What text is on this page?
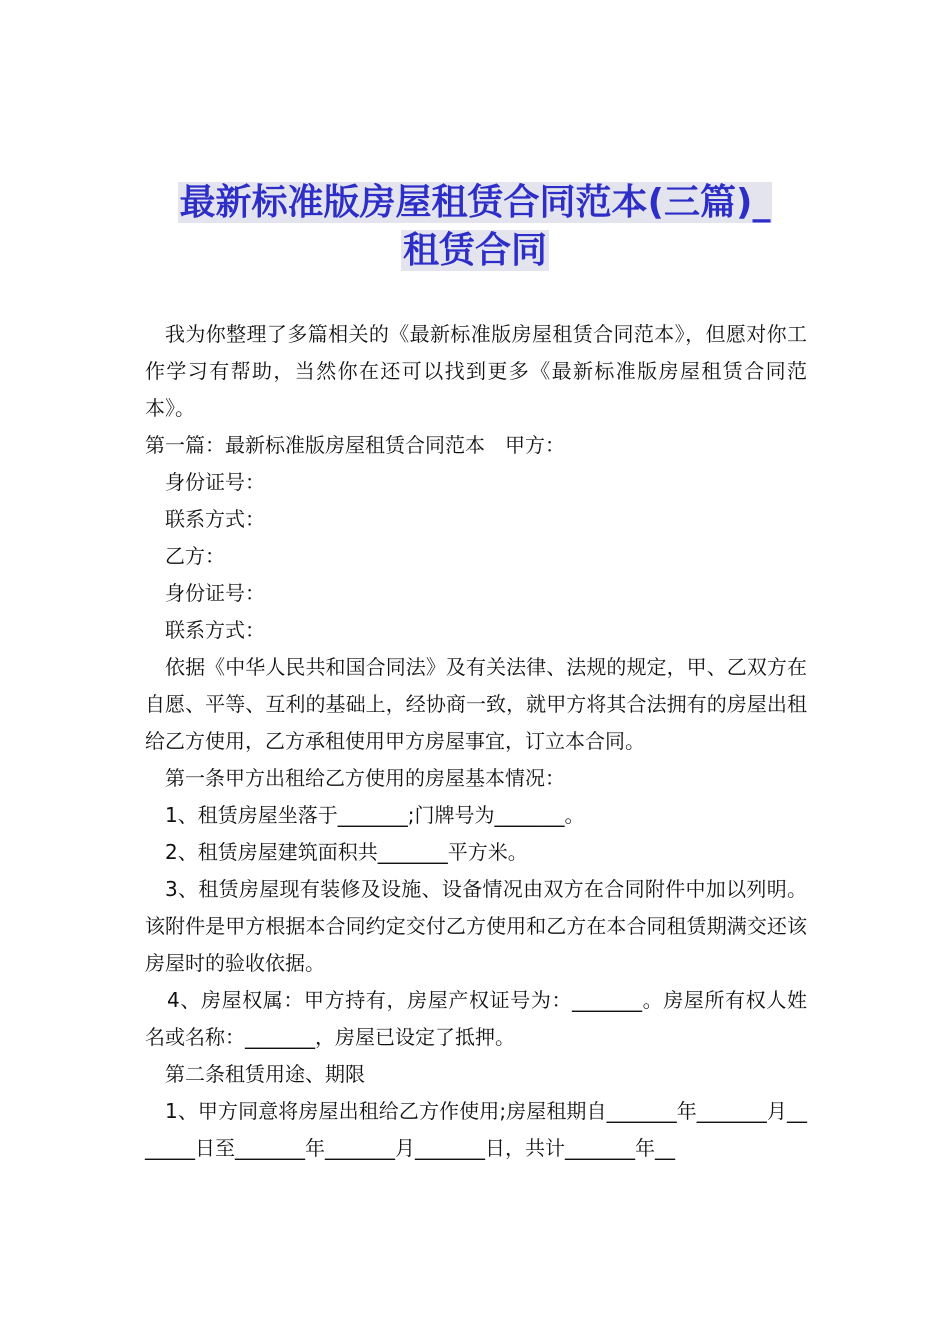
最新标准版房屋租赁合同范本(三篇)_
租赁合同

我为你整理了多篇相关的《最新标准版房屋租赁合同范本》，但愿对你工作学习有帮助，当然你在还可以找到更多《最新标准版房屋租赁合同范本》。

第一篇：最新标准版房屋租赁合同范本　甲方：

身份证号：

联系方式：

乙方：

身份证号：

联系方式：

依据《中华人民共和国合同法》及有关法律、法规的规定，甲、乙双方在自愿、平等、互利的基础上，经协商一致，就甲方将其合法拥有的房屋出租给乙方使用，乙方承租使用甲方房屋事宜，订立本合同。

第一条甲方出租给乙方使用的房屋基本情况：

1、租赁房屋坐落于_______;门牌号为_______。

2、租赁房屋建筑面积共_______平方米。

3、租赁房屋现有装修及设施、设备情况由双方在合同附件中加以列明。该附件是甲方根据本合同约定交付乙方使用和乙方在本合同租赁期满交还该房屋时的验收依据。

4、房屋权属：甲方持有，房屋产权证号为：_______。房屋所有权人姓名或名称：_______，房屋已设定了抵押。

第二条租赁用途、期限

1、甲方同意将房屋出租给乙方作使用;房屋租期自_______年_______月_______日至_______年_______月_______日，共计_______年__
